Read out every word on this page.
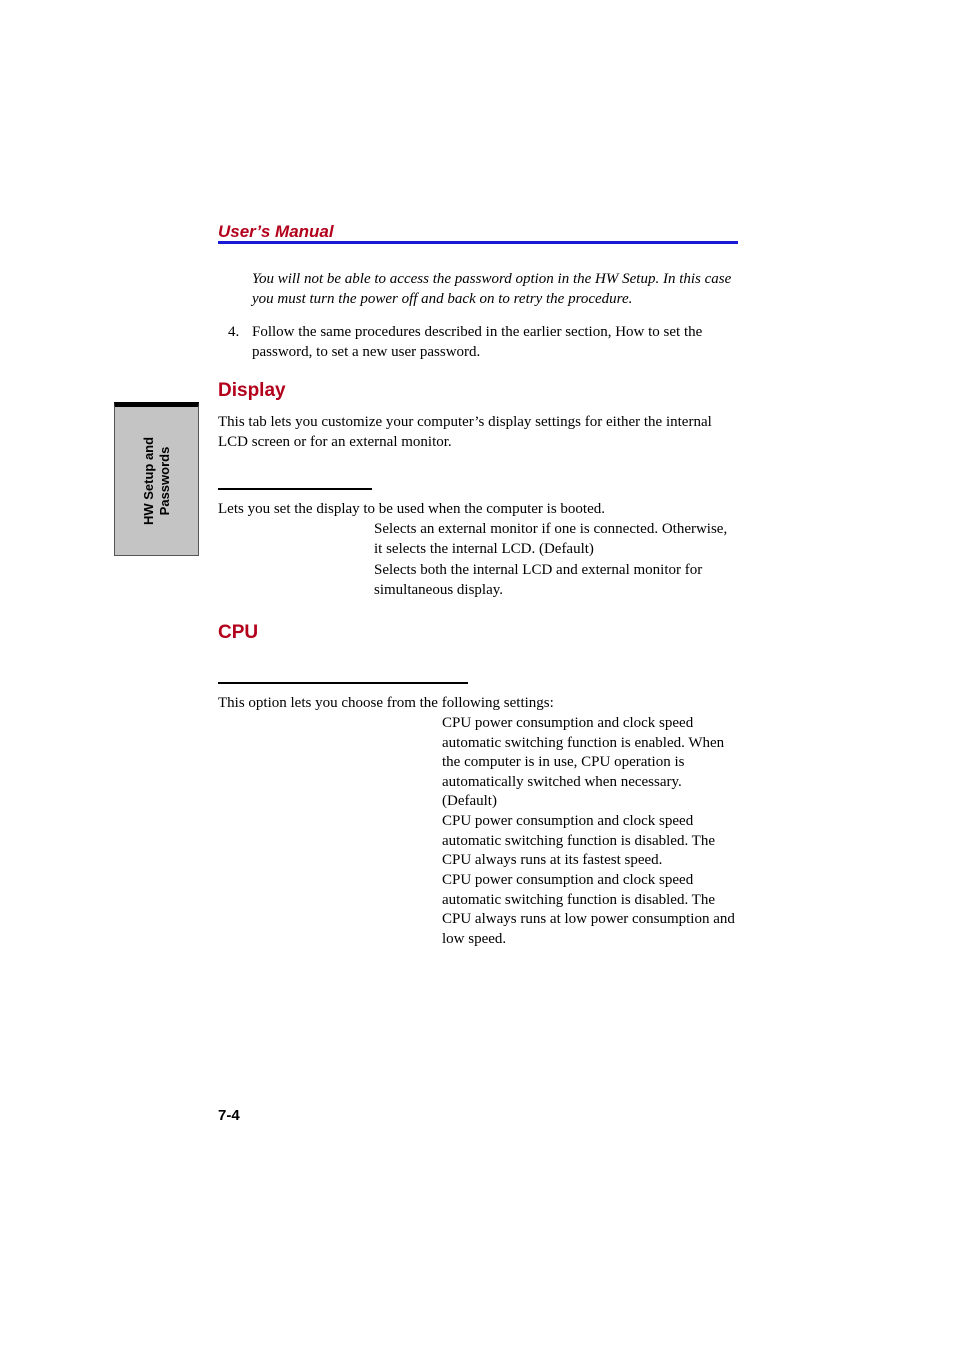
User’s Manual

You will not be able to access the password option in the HW Setup. In this case you must turn the power off and back on to retry the procedure.

4. Follow the same procedures described in the earlier section, How to set the password, to set a new user password.

Display

This tab lets you customize your computer’s display settings for either the internal LCD screen or for an external monitor.

Lets you set the display to be used when the computer is booted.

Selects an external monitor if one is connected. Otherwise, it selects the internal LCD. (Default)

Selects both the internal LCD and external monitor for simultaneous display.

CPU

This option lets you choose from the following settings:

CPU power consumption and clock speed automatic switching function is enabled. When the computer is in use, CPU operation is automatically switched when necessary. (Default)

CPU power consumption and clock speed automatic switching function is disabled. The CPU always runs at its fastest speed.

CPU power consumption and clock speed automatic switching function is disabled. The CPU always runs at low power consumption and low speed.

HW Setup and Passwords
7-4
